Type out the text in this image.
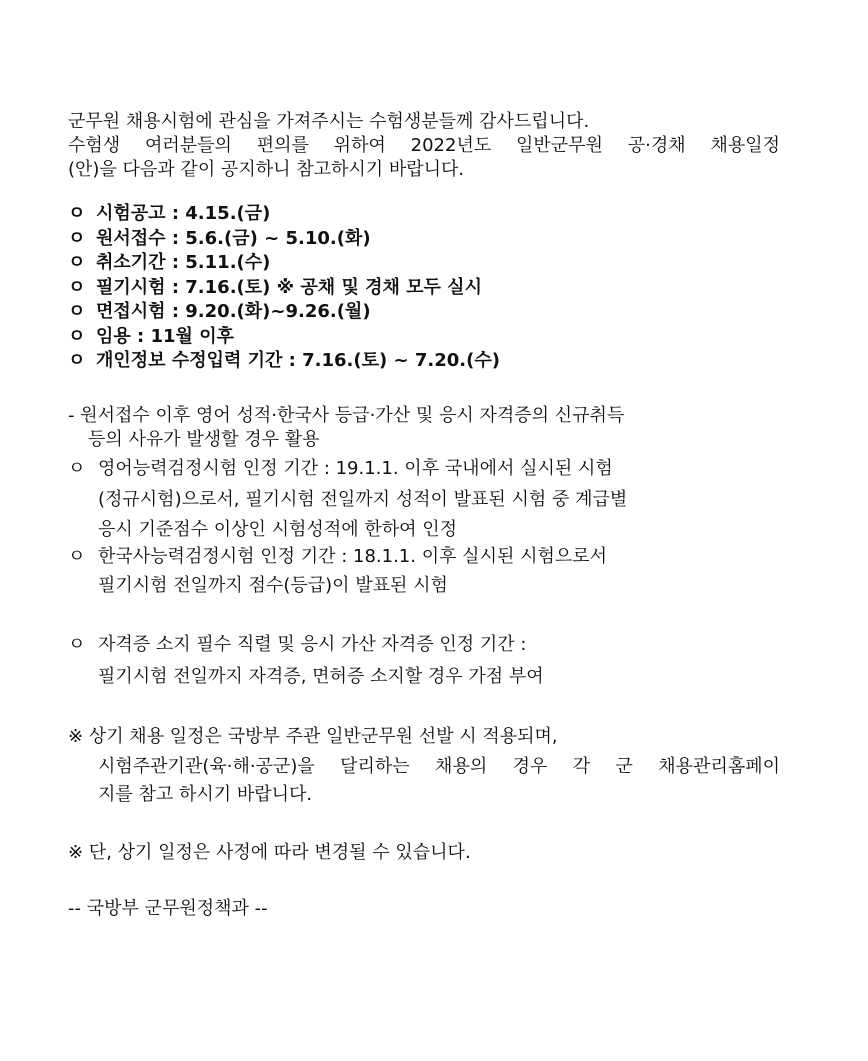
군무원 채용시험에 관심을 가져주시는 수험생분들께 감사드립니다.
수험생 여러분들의 편의를 위하여 2022년도 일반군무원 공·경채 채용일정
(안)을 다음과 같이 공지하니 참고하시기 바랍니다.
ㅇ 시험공고 : 4.15.(금)
ㅇ 원서접수 : 5.6.(금) ~ 5.10.(화)
ㅇ 취소기간 : 5.11.(수)
ㅇ 필기시험 : 7.16.(토) ※ 공채 및 경채 모두 실시
ㅇ 면접시험 : 9.20.(화)~9.26.(월)
ㅇ 임용 : 11월 이후
ㅇ 개인정보 수정입력 기간 : 7.16.(토) ~ 7.20.(수)
- 원서접수 이후 영어 성적·한국사 등급·가산 및 응시 자격증의 신규취득
등의 사유가 발생할 경우 활용
ㅇ 영어능력검정시험 인정 기간 : 19.1.1. 이후 국내에서 실시된 시험
(정규시험)으로서, 필기시험 전일까지 성적이 발표된 시험 중 계급별
응시 기준점수 이상인 시험성적에 한하여 인정
ㅇ 한국사능력검정시험 인정 기간 : 18.1.1. 이후 실시된 시험으로서
필기시험 전일까지 점수(등급)이 발표된 시험
ㅇ 자격증 소지 필수 직렬 및 응시 가산 자격증 인정 기간 :
필기시험 전일까지 자격증, 면허증 소지할 경우 가점 부여
※ 상기 채용 일정은 국방부 주관 일반군무원 선발 시 적용되며,
시험주관기관(육·해·공군)을 달리하는 채용의 경우 각 군 채용관리홈페이
지를 참고 하시기 바랍니다.
※ 단, 상기 일정은 사정에 따라 변경될 수 있습니다.
-- 국방부 군무원정책과 --
